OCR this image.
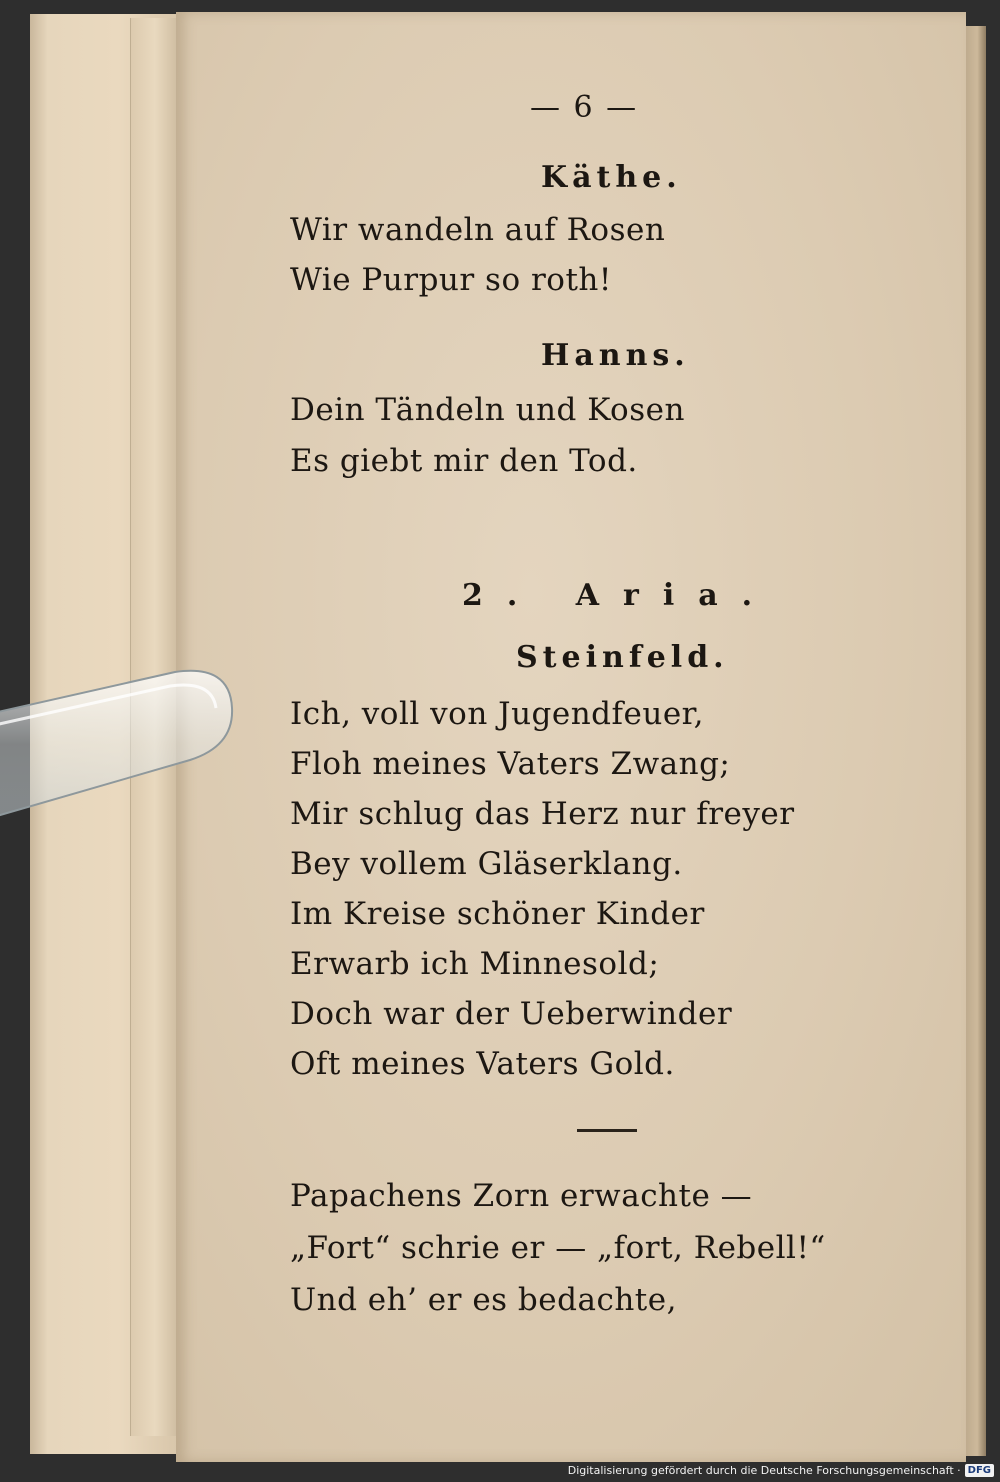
— 6 —
Käthe.
Wir wandeln auf Rosen
Wie Purpur so roth!
Hanns.
Dein Tändeln und Kosen
Es giebt mir den Tod.
2. Aria.
Steinfeld.
Ich, voll von Jugendfeuer,
Floh meines Vaters Zwang;
Mir schlug das Herz nur freyer
Bey vollem Gläserklang.
Im Kreise schöner Kinder
Erwarb ich Minnesold;
Doch war der Ueberwinder
Oft meines Vaters Gold.
Papachens Zorn erwachte —
„Fort“ schrie er — „fort, Rebell!“
Und eh’ er es bedachte,
Digitalisierung gefördert durch die Deutsche Forschungsgemeinschaft · DFG
